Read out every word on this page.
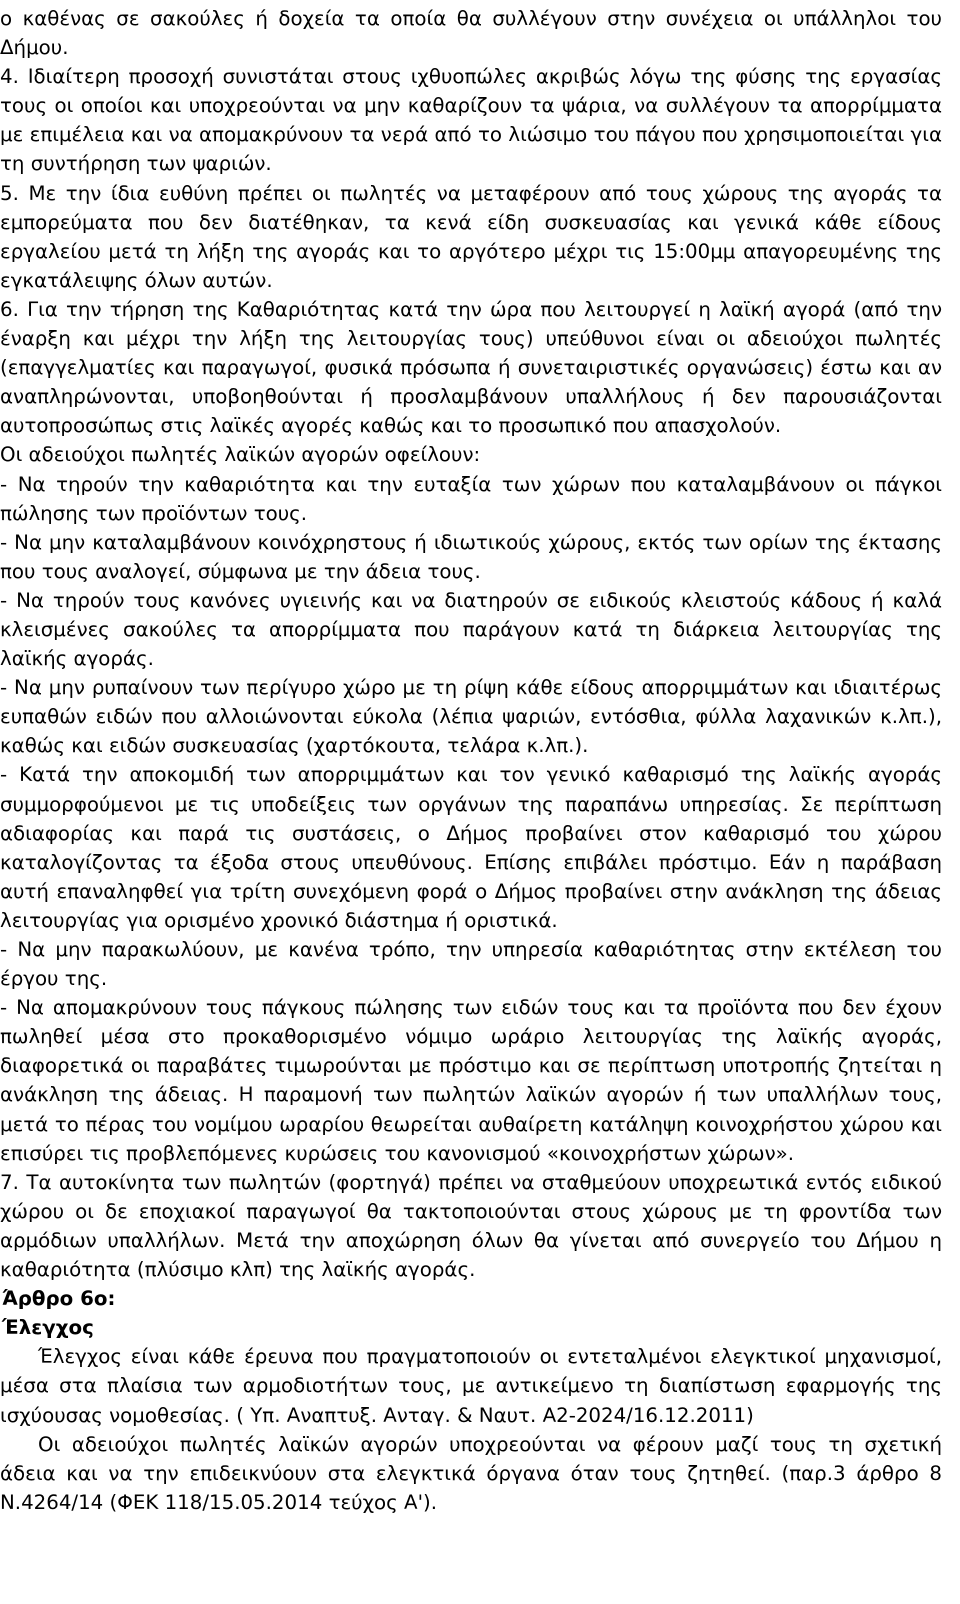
ο καθένας σε σακούλες ή δοχεία τα οποία θα συλλέγουν στην συνέχεια οι υπάλληλοι του Δήμου.

4. Ιδιαίτερη προσοχή συνιστάται στους ιχθυοπώλες ακριβώς λόγω της φύσης της εργασίας τους οι οποίοι και υποχρεούνται να μην καθαρίζουν τα ψάρια, να συλλέγουν τα απορρίμματα με επιμέλεια και να απομακρύνουν τα νερά από το λιώσιμο του πάγου που χρησιμοποιείται για τη συντήρηση των ψαριών.

5. Με την ίδια ευθύνη πρέπει οι πωλητές να μεταφέρουν από τους χώρους της αγοράς τα εμπορεύματα που δεν διατέθηκαν, τα κενά είδη συσκευασίας και γενικά κάθε είδους εργαλείου μετά τη λήξη της αγοράς και το αργότερο μέχρι τις 15:00μμ απαγορευμένης της εγκατάλειψης όλων αυτών.

6. Για την τήρηση της Καθαριότητας κατά την ώρα που λειτουργεί η λαϊκή αγορά (από την έναρξη και μέχρι την λήξη της λειτουργίας τους) υπεύθυνοι είναι οι αδειούχοι πωλητές (επαγγελματίες και παραγωγοί, φυσικά πρόσωπα ή συνεταιριστικές οργανώσεις) έστω και αν αναπληρώνονται, υποβοηθούνται ή προσλαμβάνουν υπαλλήλους ή δεν παρουσιάζονται αυτοπροσώπως στις λαϊκές αγορές καθώς και το προσωπικό που απασχολούν.

Οι αδειούχοι πωλητές λαϊκών αγορών οφείλουν:

- Να τηρούν την καθαριότητα και την ευταξία των χώρων που καταλαμβάνουν οι πάγκοι πώλησης των προϊόντων τους.

- Να μην καταλαμβάνουν κοινόχρηστους ή ιδιωτικούς χώρους, εκτός των ορίων της έκτασης που τους αναλογεί, σύμφωνα με την άδεια τους.

- Να τηρούν τους κανόνες υγιεινής και να διατηρούν σε ειδικούς κλειστούς κάδους ή καλά κλεισμένες σακούλες τα απορρίμματα που παράγουν κατά τη διάρκεια λειτουργίας της λαϊκής αγοράς.

- Να μην ρυπαίνουν των περίγυρο χώρο με τη ρίψη κάθε είδους απορριμμάτων και ιδιαιτέρως ευπαθών ειδών που αλλοιώνονται εύκολα (λέπια ψαριών, εντόσθια, φύλλα λαχανικών κ.λπ.), καθώς και ειδών συσκευασίας (χαρτόκουτα, τελάρα κ.λπ.).

- Κατά την αποκομιδή των απορριμμάτων και τον γενικό καθαρισμό της λαϊκής αγοράς συμμορφούμενοι με τις υποδείξεις των οργάνων της παραπάνω υπηρεσίας. Σε περίπτωση αδιαφορίας και παρά τις συστάσεις, ο Δήμος προβαίνει στον καθαρισμό του χώρου καταλογίζοντας τα έξοδα στους υπευθύνους. Επίσης επιβάλει πρόστιμο. Εάν η παράβαση αυτή επαναληφθεί για τρίτη συνεχόμενη φορά ο Δήμος προβαίνει στην ανάκληση της άδειας λειτουργίας για ορισμένο χρονικό διάστημα ή οριστικά.

- Να μην παρακωλύουν, με κανένα τρόπο, την υπηρεσία καθαριότητας στην εκτέλεση του έργου της.

- Να απομακρύνουν τους πάγκους πώλησης των ειδών τους και τα προϊόντα που δεν έχουν πωληθεί μέσα στο προκαθορισμένο νόμιμο ωράριο λειτουργίας της λαϊκής αγοράς, διαφορετικά οι παραβάτες τιμωρούνται με πρόστιμο και σε περίπτωση υποτροπής ζητείται η ανάκληση της άδειας. Η παραμονή των πωλητών λαϊκών αγορών ή των υπαλλήλων τους, μετά το πέρας του νομίμου ωραρίου θεωρείται αυθαίρετη κατάληψη κοινοχρήστου χώρου και επισύρει τις προβλεπόμενες κυρώσεις του κανονισμού «κοινοχρήστων χώρων».

7. Τα αυτοκίνητα των πωλητών (φορτηγά) πρέπει να σταθμεύουν υποχρεωτικά εντός ειδικού χώρου οι δε εποχιακοί παραγωγοί θα τακτοποιούνται στους χώρους με τη φροντίδα των αρμόδιων υπαλλήλων. Μετά την αποχώρηση όλων θα γίνεται από συνεργείο του Δήμου η καθαριότητα (πλύσιμο κλπ) της λαϊκής αγοράς.

Άρθρο 6ο:

Έλεγχος

Έλεγχος είναι κάθε έρευνα που πραγματοποιούν οι εντεταλμένοι ελεγκτικοί μηχανισμοί, μέσα στα πλαίσια των αρμοδιοτήτων τους, με αντικείμενο τη διαπίστωση εφαρμογής της ισχύουσας νομοθεσίας. ( Υπ. Αναπτυξ. Ανταγ. & Ναυτ. Α2-2024/16.12.2011)

Οι αδειούχοι πωλητές λαϊκών αγορών υποχρεούνται να φέρουν μαζί τους τη σχετική άδεια και να την επιδεικνύουν στα ελεγκτικά όργανα όταν τους ζητηθεί. (παρ.3 άρθρο 8 Ν.4264/14 (ΦΕΚ 118/15.05.2014 τεύχος Α').
